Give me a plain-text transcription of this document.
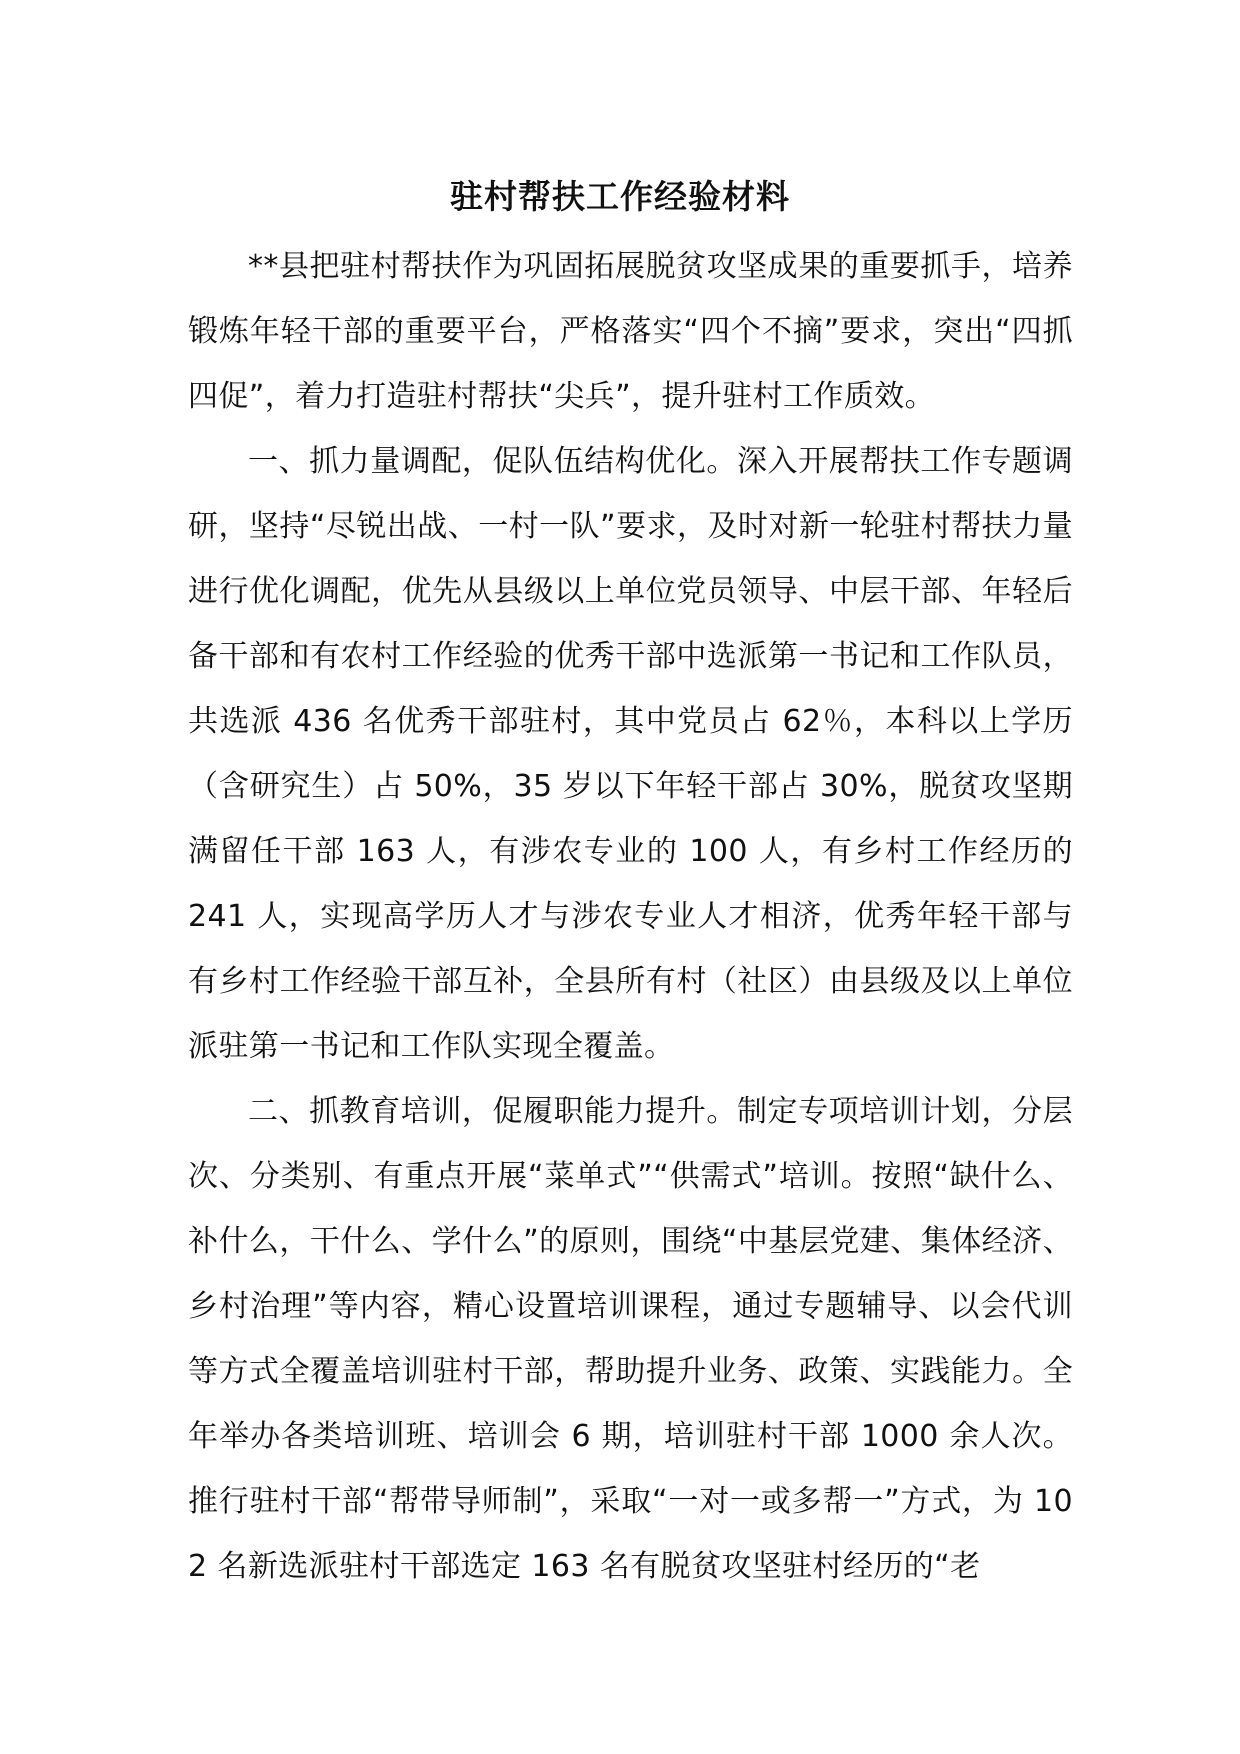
驻村帮扶工作经验材料

**县把驻村帮扶作为巩固拓展脱贫攻坚成果的重要抓手，培养锻炼年轻干部的重要平台，严格落实“四个不摘”要求，突出“四抓四促”，着力打造驻村帮扶“尖兵”，提升驻村工作质效。

一、抓力量调配，促队伍结构优化。深入开展帮扶工作专题调研，坚持“尽锐出战、一村一队”要求，及时对新一轮驻村帮扶力量进行优化调配，优先从县级以上单位党员领导、中层干部、年轻后备干部和有农村工作经验的优秀干部中选派第一书记和工作队员，共选派 436 名优秀干部驻村，其中党员占 62％，本科以上学历（含研究生）占 50%，35 岁以下年轻干部占 30%，脱贫攻坚期满留任干部 163 人，有涉农专业的 100 人，有乡村工作经历的 241 人，实现高学历人才与涉农专业人才相济，优秀年轻干部与有乡村工作经验干部互补，全县所有村（社区）由县级及以上单位派驻第一书记和工作队实现全覆盖。

二、抓教育培训，促履职能力提升。制定专项培训计划，分层次、分类别、有重点开展“菜单式”“供需式”培训。按照“缺什么、补什么，干什么、学什么”的原则，围绕“中基层党建、集体经济、乡村治理”等内容，精心设置培训课程，通过专题辅导、以会代训等方式全覆盖培训驻村干部，帮助提升业务、政策、实践能力。全年举办各类培训班、培训会 6 期，培训驻村干部 1000 余人次。推行驻村干部“帮带导师制”，采取“一对一或多帮一”方式，为 102 名新选派驻村干部选定 163 名有脱贫攻坚驻村经历的“老
